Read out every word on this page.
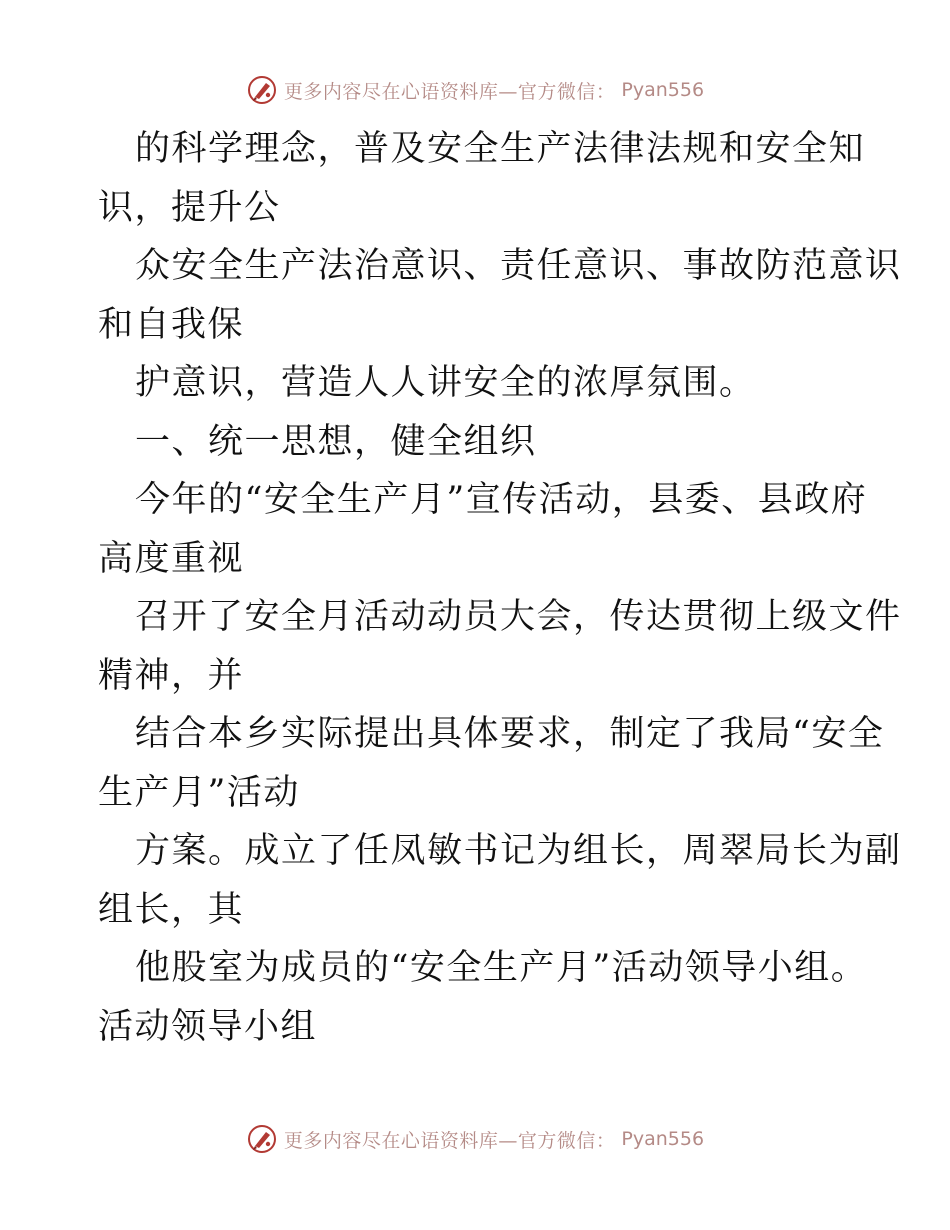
更多内容尽在心语资料库—官方微信： Pyan556
的科学理念，普及安全生产法律法规和安全知
识，提升公
众安全生产法治意识、责任意识、事故防范意识
和自我保
护意识，营造人人讲安全的浓厚氛围。
一、统一思想，健全组织
今年的“安全生产月”宣传活动，县委、县政府
高度重视
召开了安全月活动动员大会，传达贯彻上级文件
精神，并
结合本乡实际提出具体要求，制定了我局“安全
生产月”活动
方案。成立了任凤敏书记为组长，周翠局长为副
组长，其
他股室为成员的“安全生产月”活动领导小组。
活动领导小组
更多内容尽在心语资料库—官方微信： Pyan556
